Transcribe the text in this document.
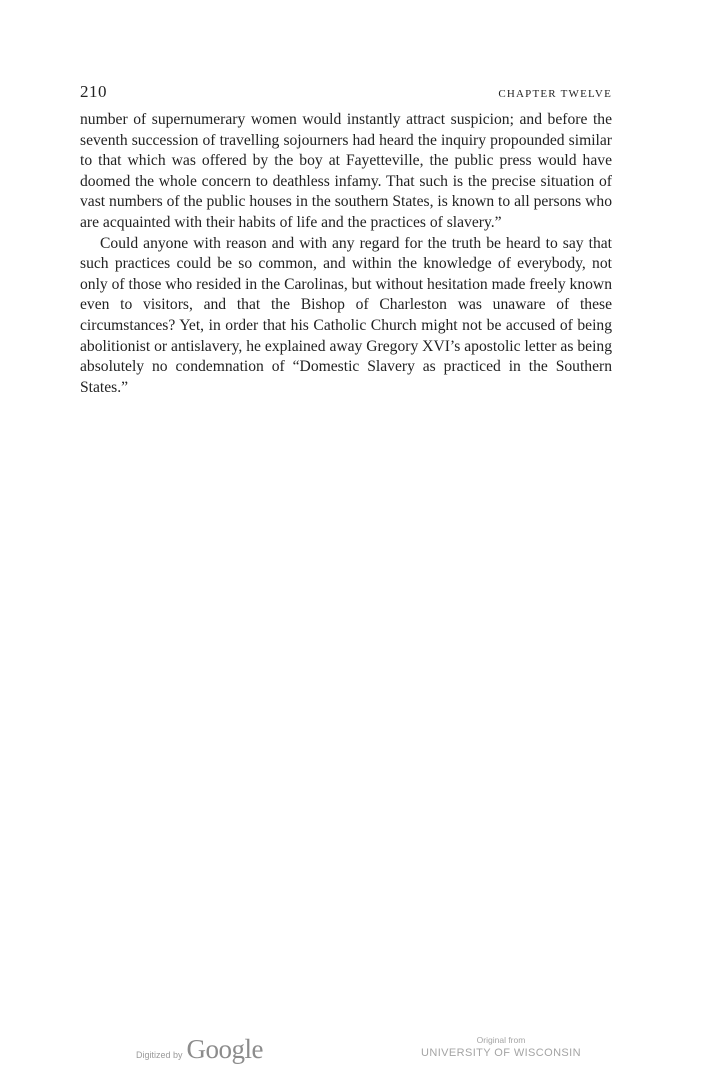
210	CHAPTER TWELVE

number of supernumerary women would instantly attract suspicion; and before the seventh succession of travelling sojourners had heard the inquiry propounded similar to that which was offered by the boy at Fayetteville, the public press would have doomed the whole concern to deathless infamy. That such is the precise situation of vast numbers of the public houses in the southern States, is known to all persons who are acquainted with their habits of life and the practices of slavery.”

Could anyone with reason and with any regard for the truth be heard to say that such practices could be so common, and within the knowledge of everybody, not only of those who resided in the Carolinas, but without hesitation made freely known even to visitors, and that the Bishop of Charleston was unaware of these circumstances? Yet, in order that his Catholic Church might not be accused of being abolitionist or antislavery, he explained away Gregory XVI’s apostolic letter as being absolutely no condemnation of “Domestic Slavery as practiced in the Southern States.”

Digitized by Google	Original from
UNIVERSITY OF WISCONSIN
